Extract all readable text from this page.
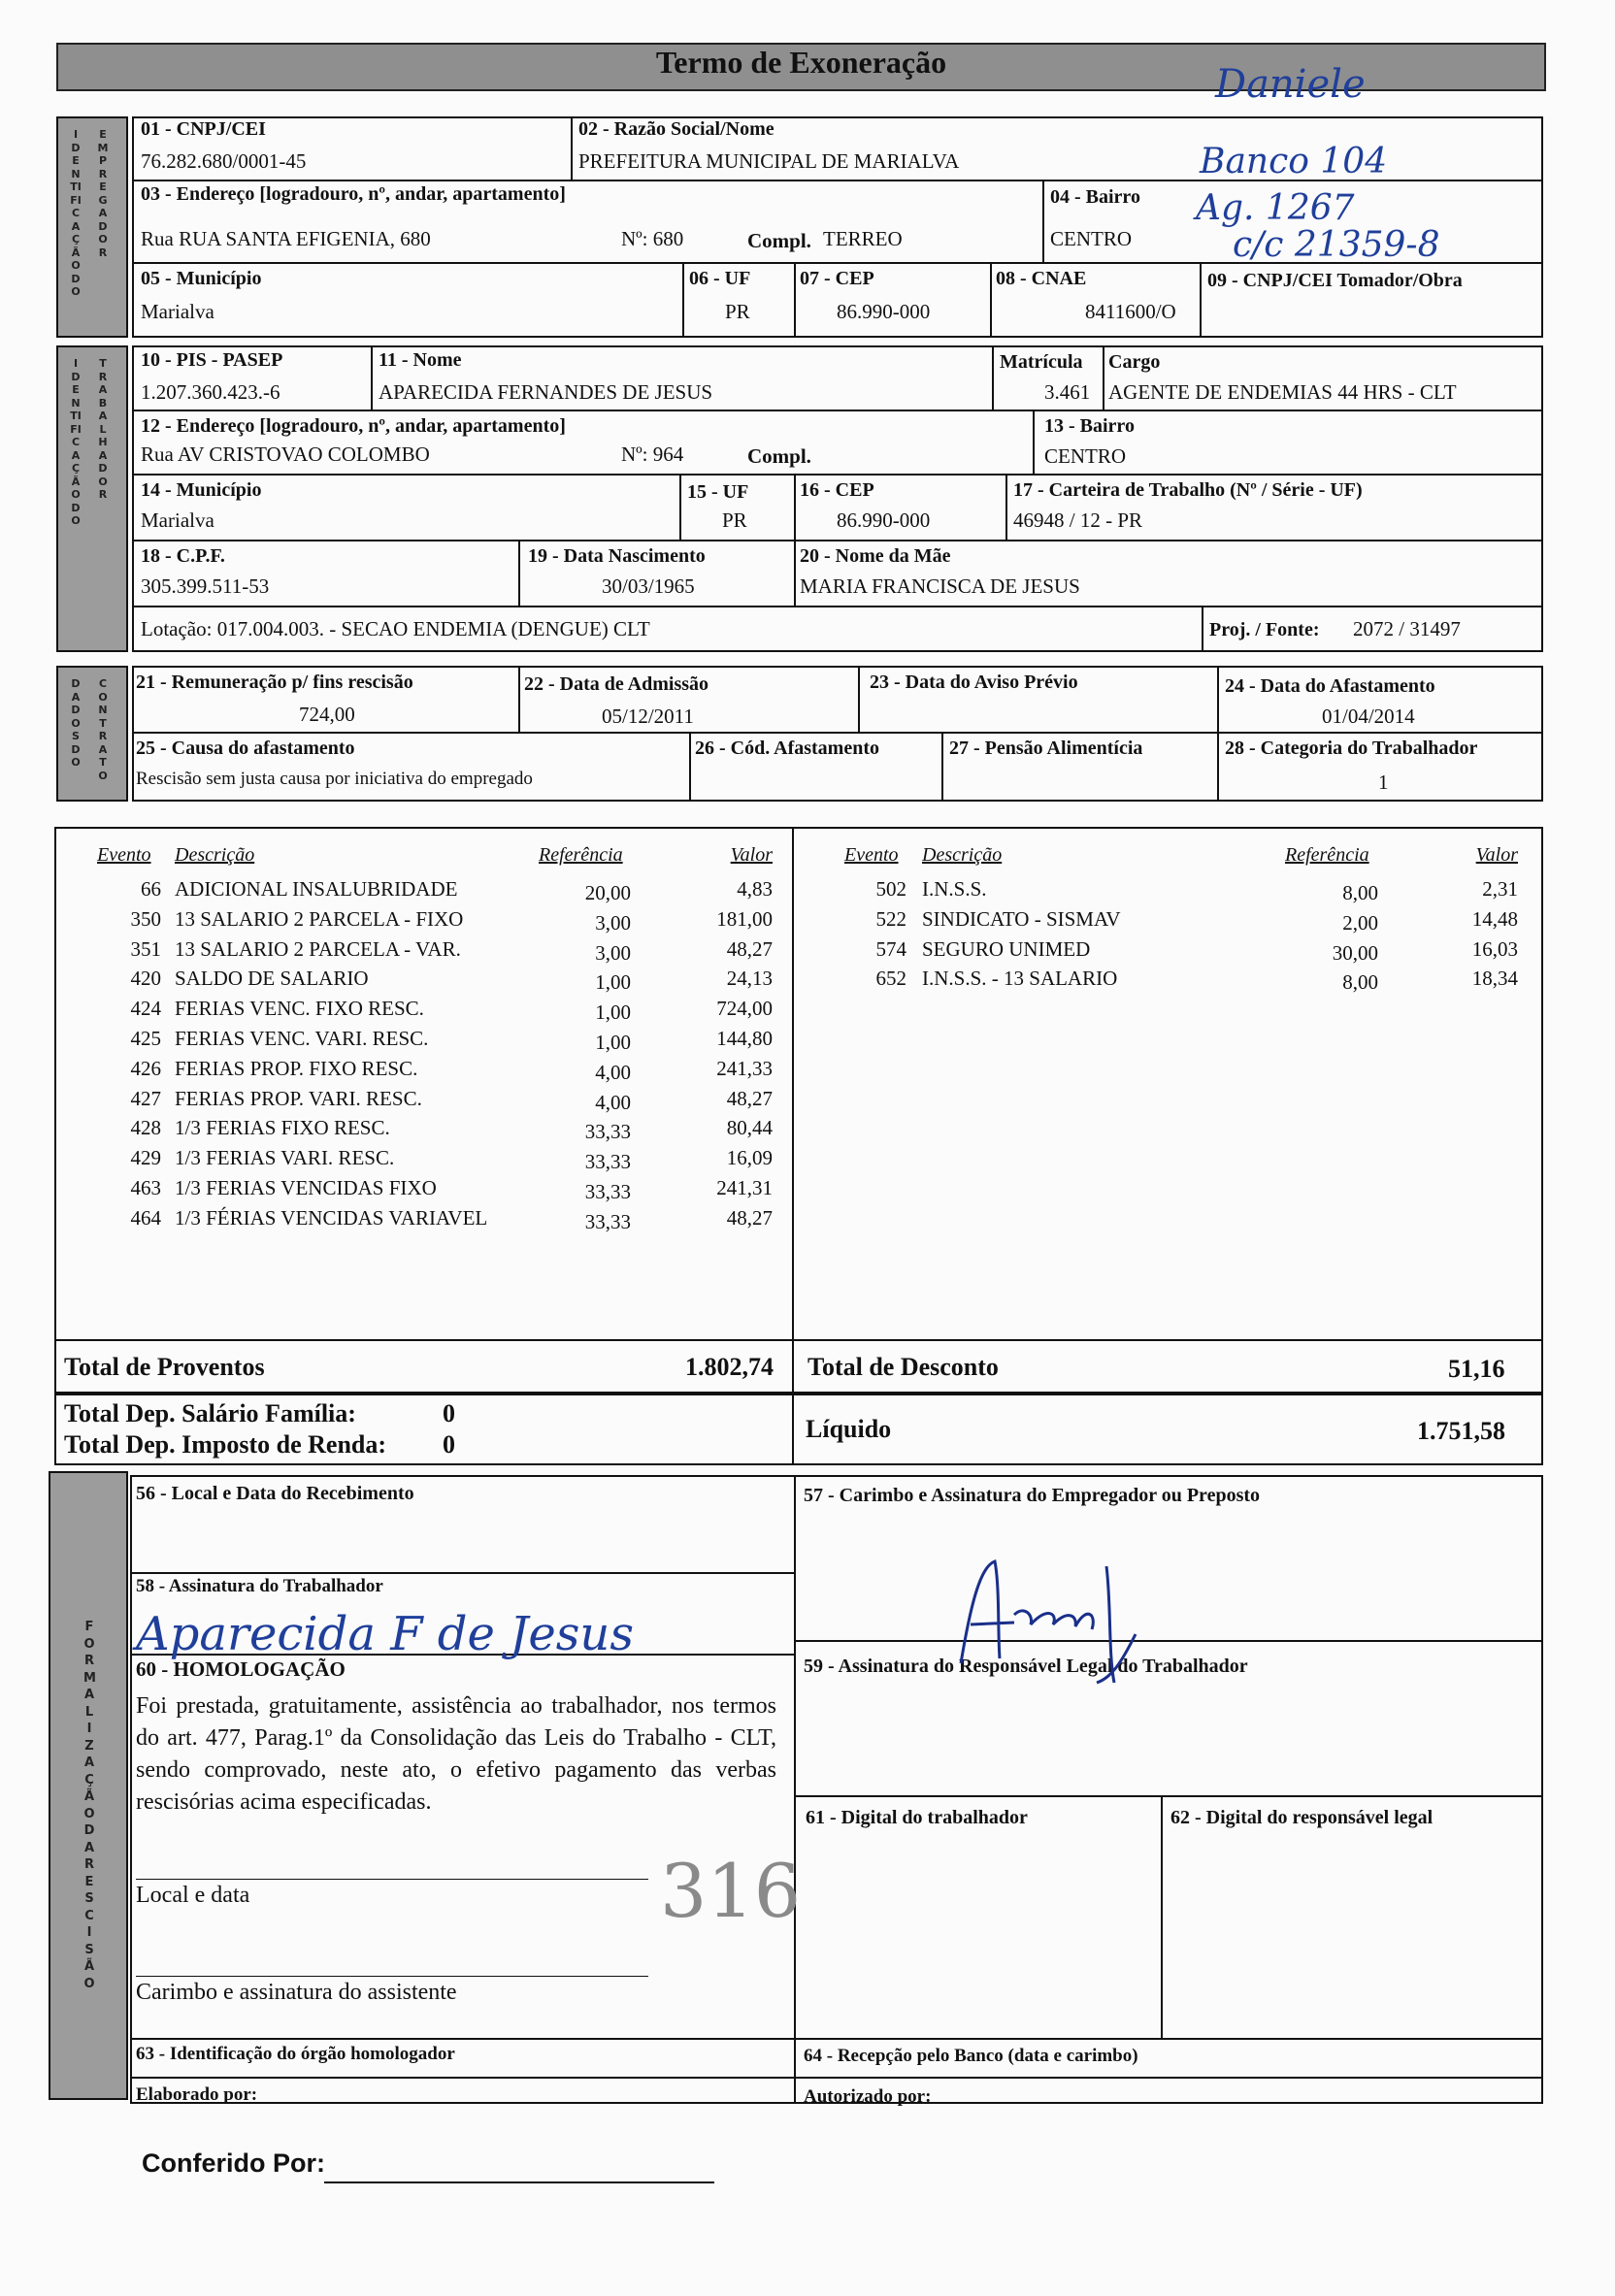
Termo de Exoneração
IDENTIFICAÇÃO DO
EMPREGADOR
01 - CNPJ/CEI
76.282.680/0001-45
02 - Razão Social/Nome
PREFEITURA MUNICIPAL DE MARIALVA
03 - Endereço [logradouro, nº, andar, apartamento]
Rua RUA SANTA EFIGENIA, 680	Nº: 680	Compl. TERREO
04 - Bairro
CENTRO
05 - Município
Marialva
06 - UF
PR
07 - CEP
86.990-000
08 - CNAE
8411600/O
09 - CNPJ/CEI Tomador/Obra
IDENTIFICAÇÃO DO
TRABALHADOR
10 - PIS - PASEP
1.207.360.423.-6
11 - Nome
APARECIDA FERNANDES DE JESUS
Matrícula
3.461
Cargo
AGENTE DE ENDEMIAS 44 HRS - CLT
12 - Endereço [logradouro, nº, andar, apartamento]
Rua AV CRISTOVAO COLOMBO	Nº: 964	Compl.
13 - Bairro
CENTRO
14 - Município
Marialva
15 - UF
PR
16 - CEP
86.990-000
17 - Carteira de Trabalho (Nº / Série - UF)
46948 / 12 - PR
18 - C.P.F.
305.399.511-53
19 - Data Nascimento
30/03/1965
20 - Nome da Mãe
MARIA FRANCISCA DE JESUS
Lotação: 017.004.003. - SECAO ENDEMIA (DENGUE) CLT	Proj. / Fonte: 2072 / 31497
DADOS DO
CONTRATO
21 - Remuneração p/ fins rescisão
724,00
22 - Data de Admissão
05/12/2011
23 - Data do Aviso Prévio	24 - Data do Afastamento
01/04/2014
25 - Causa do afastamento
Rescisão sem justa causa por iniciativa do empregado
26 - Cód. Afastamento	27 - Pensão Alimentícia	28 - Categoria do Trabalhador
1
Total de Proventos	1.802,74 Total de Desconto	51,16
Total Dep. Salário Família:	0
Total Dep. Imposto de Renda: 0
Líquido	1.751,58
FORMALIZAÇÃO DA RESCISÃO
56 - Local e Data do Recebimento	57 - Carimbo e Assinatura do Empregador ou Preposto
58 - Assinatura do Trabalhador
59 - Assinatura do Responsável Legal do Trabalhador
60 - HOMOLOGAÇÃO
Foi prestada, gratuitamente, assistência ao trabalhador, nos termos do art. 477, Parag.1º da Consolidação das Leis do Trabalho - CLT, sendo comprovado, neste ato, o efetivo pagamento das verbas rescisórias acima especificadas.
Local e data
Carimbo e assinatura do assistente
61 - Digital do trabalhador	62 - Digital do responsável legal
63 - Identificação do órgão homologador	64 - Recepção pelo Banco (data e carimbo)
Elaborado por:	Autorizado por:
Conferido Por:
Daniele
Banco 104
Ag. 1267
c/c 21359-8
Aparecida F de Jesus
316
Evento Descrição	Referência	Valor	Evento Descrição	Referência	Valor
66 ADICIONAL INSALUBRIDADE	20,00	4,83
350 13 SALARIO 2 PARCELA - FIXO	3,00	181,00
351 13 SALARIO 2 PARCELA - VAR.	3,00	48,27
420 SALDO DE SALARIO	1,00	24,13
424 FERIAS VENC. FIXO RESC.	1,00	724,00
425 FERIAS VENC. VARI. RESC.	1,00	144,80
426 FERIAS PROP. FIXO RESC.	4,00	241,33
427 FERIAS PROP. VARI. RESC.	4,00	48,27
428 1/3 FERIAS FIXO RESC.	33,33	80,44
429 1/3 FERIAS VARI. RESC.	33,33	16,09
463 1/3 FERIAS VENCIDAS FIXO	33,33	241,31
464 1/3 FÉRIAS VENCIDAS VARIAVEL	33,33	48,27
502 I.N.S.S.	8,00	2,31
522 SINDICATO - SISMAV	2,00	14,48
574 SEGURO UNIMED	30,00	16,03
652 I.N.S.S. - 13 SALARIO	8,00	18,34
